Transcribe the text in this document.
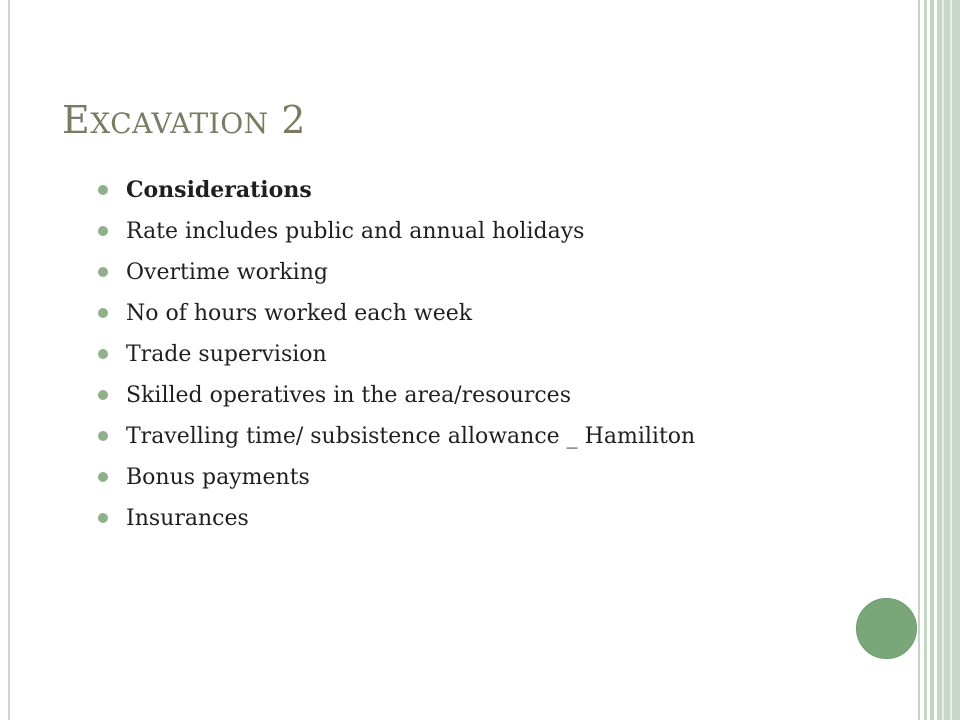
EXCAVATION 2
Considerations
Rate includes public and annual holidays
Overtime working
No of hours worked each week
Trade supervision
Skilled operatives in the area/resources
Travelling time/ subsistence allowance _ Hamiliton
Bonus payments
Insurances
